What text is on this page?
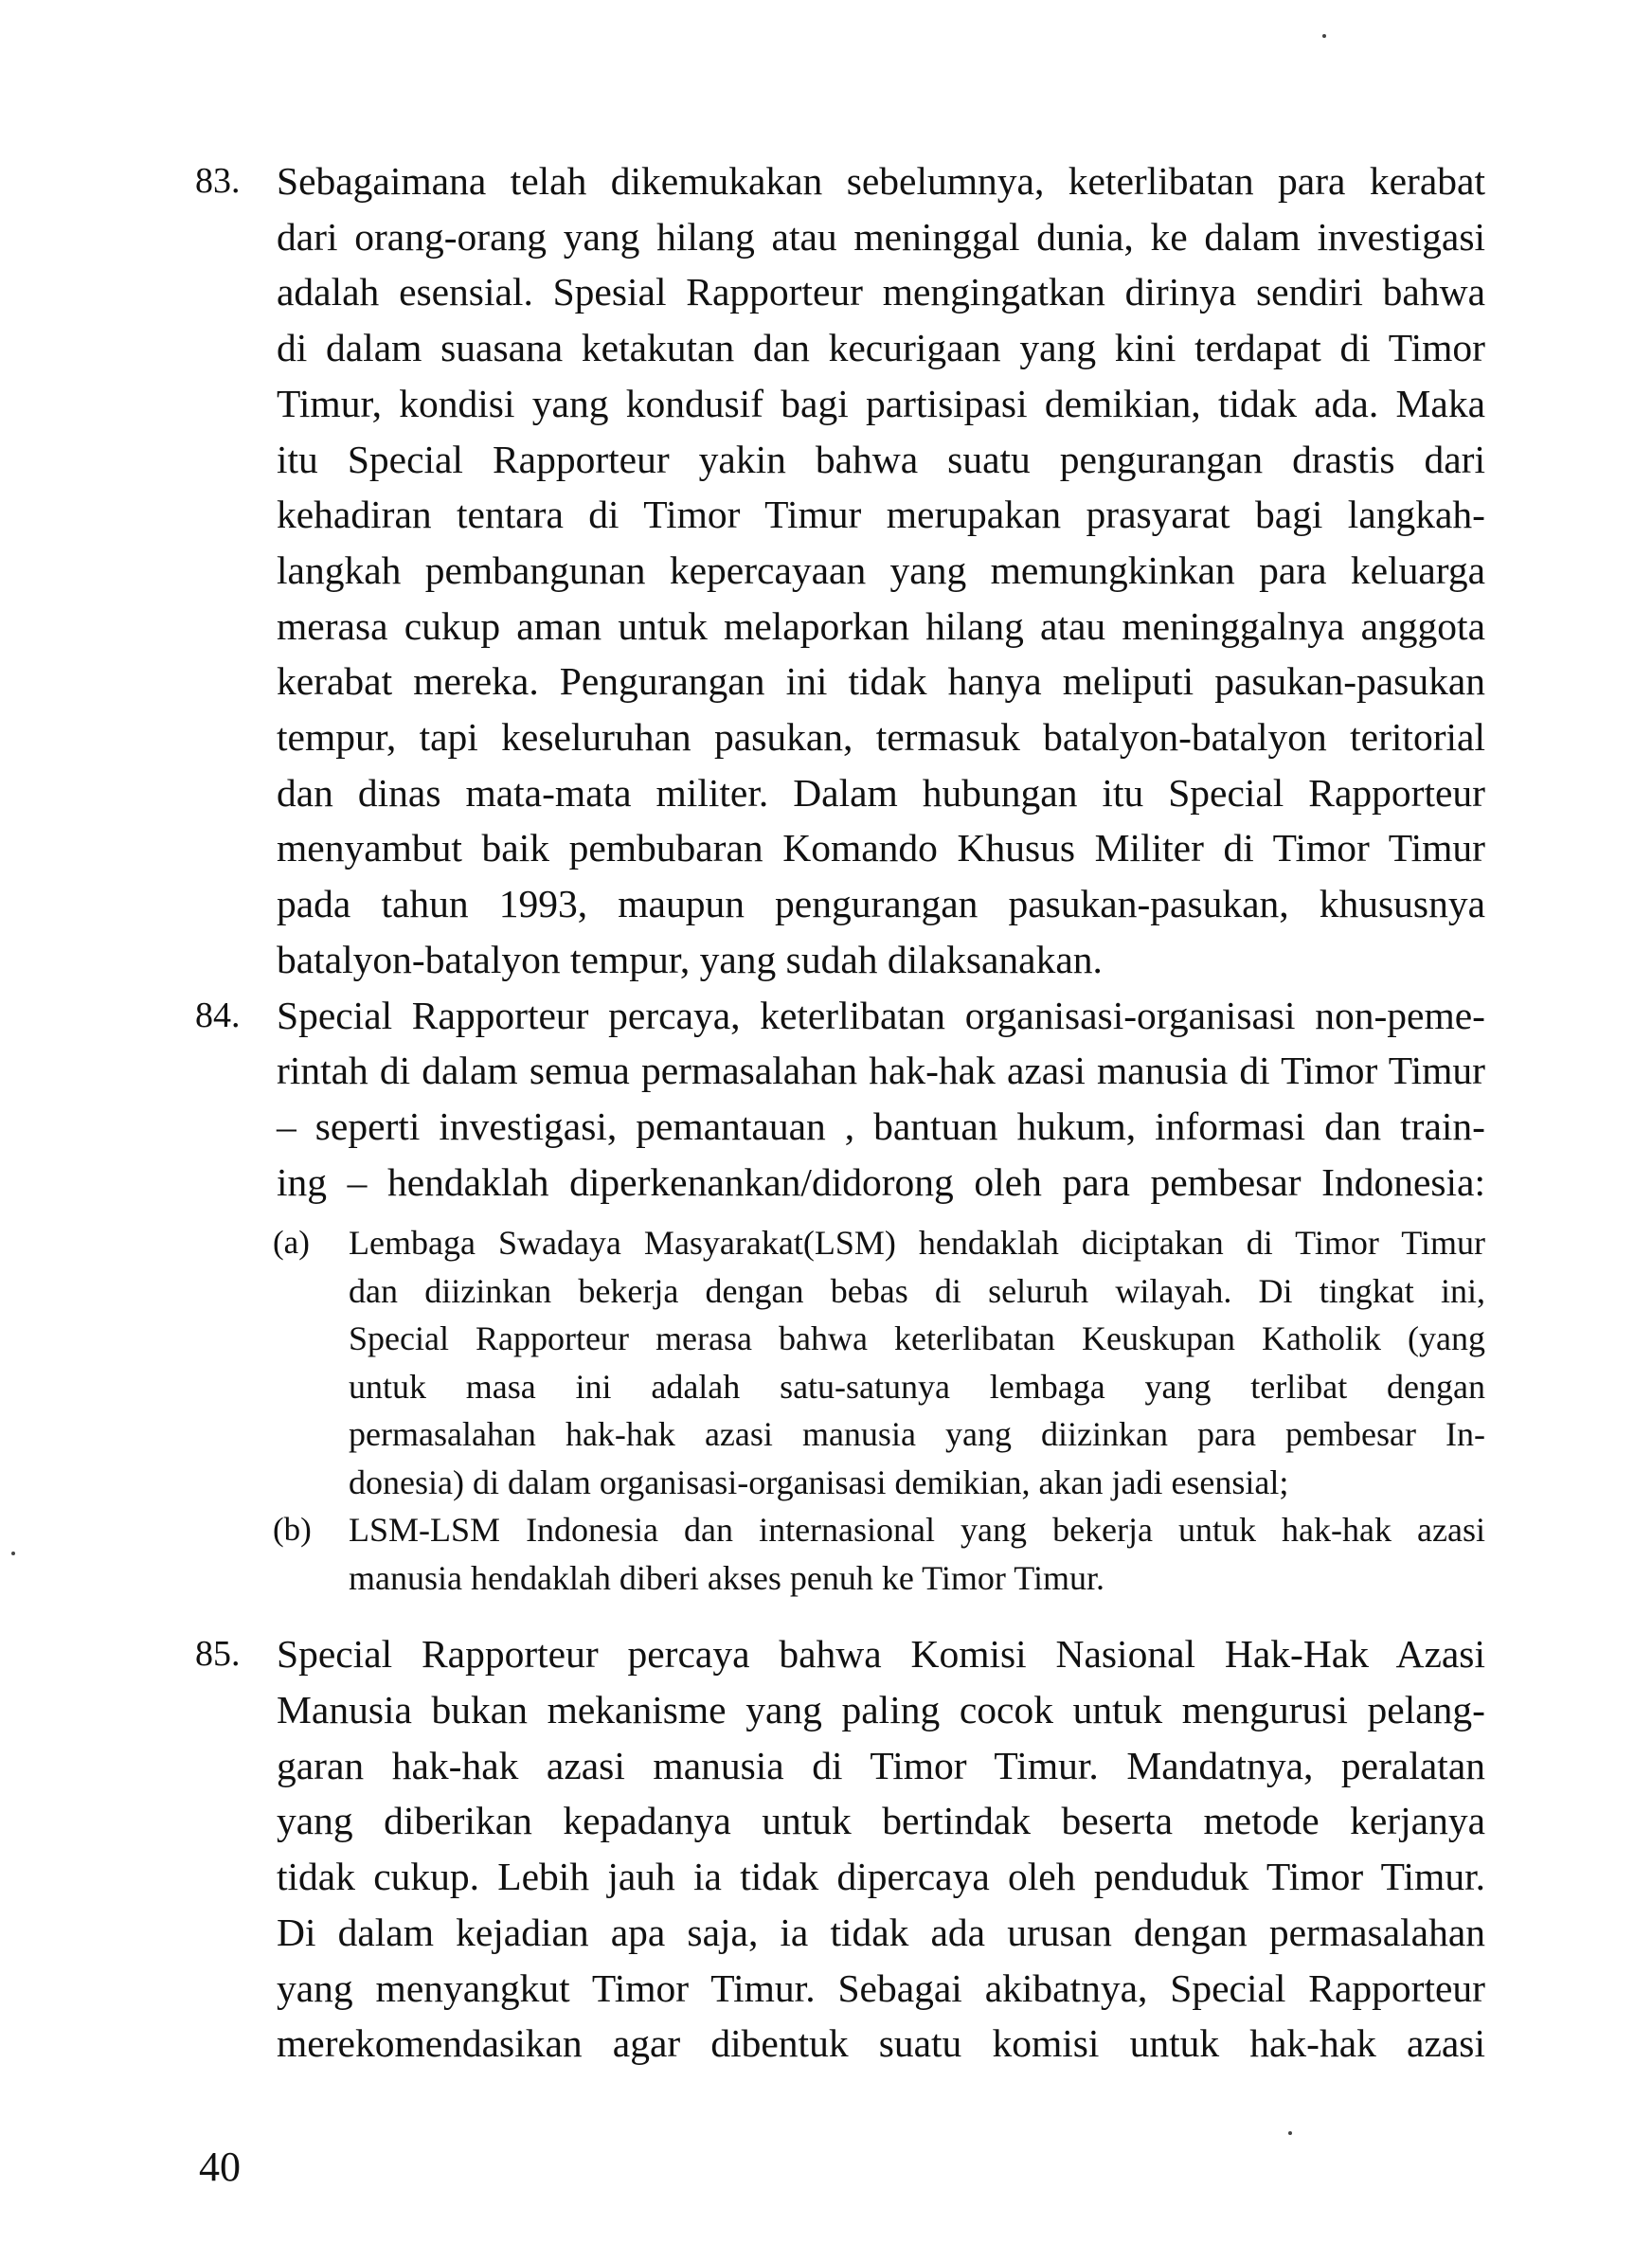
83. Sebagaimana telah dikemukakan sebelumnya, keterlibatan para kerabat
dari orang-orang yang hilang atau meninggal dunia, ke dalam investigasi
adalah esensial. Spesial Rapporteur mengingatkan dirinya sendiri bahwa
di dalam suasana ketakutan dan kecurigaan yang kini terdapat di Timor
Timur, kondisi yang kondusif bagi partisipasi demikian, tidak ada. Maka
itu Special Rapporteur yakin bahwa suatu pengurangan drastis dari
kehadiran tentara di Timor Timur merupakan prasyarat bagi langkah-
langkah pembangunan kepercayaan yang memungkinkan para keluarga
merasa cukup aman untuk melaporkan hilang atau meninggalnya anggota
kerabat mereka. Pengurangan ini tidak hanya meliputi pasukan-pasukan
tempur, tapi keseluruhan pasukan, termasuk batalyon-batalyon teritorial
dan dinas mata-mata militer. Dalam hubungan itu Special Rapporteur
menyambut baik pembubaran Komando Khusus Militer di Timor Timur
pada tahun 1993, maupun pengurangan pasukan-pasukan, khususnya
batalyon-batalyon tempur, yang sudah dilaksanakan.
84. Special Rapporteur percaya, keterlibatan organisasi-organisasi non-peme-
rintah di dalam semua permasalahan hak-hak azasi manusia di Timor Timur
– seperti investigasi, pemantauan , bantuan hukum, informasi dan train-
ing – hendaklah diperkenankan/didorong oleh para pembesar Indonesia:
(a) Lembaga Swadaya Masyarakat(LSM) hendaklah diciptakan di Timor Timur
dan diizinkan bekerja dengan bebas di seluruh wilayah. Di tingkat ini,
Special Rapporteur merasa bahwa keterlibatan Keuskupan Katholik (yang
untuk masa ini adalah satu-satunya lembaga yang terlibat dengan
permasalahan hak-hak azasi manusia yang diizinkan para pembesar In-
donesia) di dalam organisasi-organisasi demikian, akan jadi esensial;
(b) LSM-LSM Indonesia dan internasional yang bekerja untuk hak-hak azasi
manusia hendaklah diberi akses penuh ke Timor Timur.
85. Special Rapporteur percaya bahwa Komisi Nasional Hak-Hak Azasi
Manusia bukan mekanisme yang paling cocok untuk mengurusi pelang-
garan hak-hak azasi manusia di Timor Timur. Mandatnya, peralatan
yang diberikan kepadanya untuk bertindak beserta metode kerjanya
tidak cukup. Lebih jauh ia tidak dipercaya oleh penduduk Timor Timur.
Di dalam kejadian apa saja, ia tidak ada urusan dengan permasalahan
yang menyangkut Timor Timur. Sebagai akibatnya, Special Rapporteur
merekomendasikan agar dibentuk suatu komisi untuk hak-hak azasi
40
